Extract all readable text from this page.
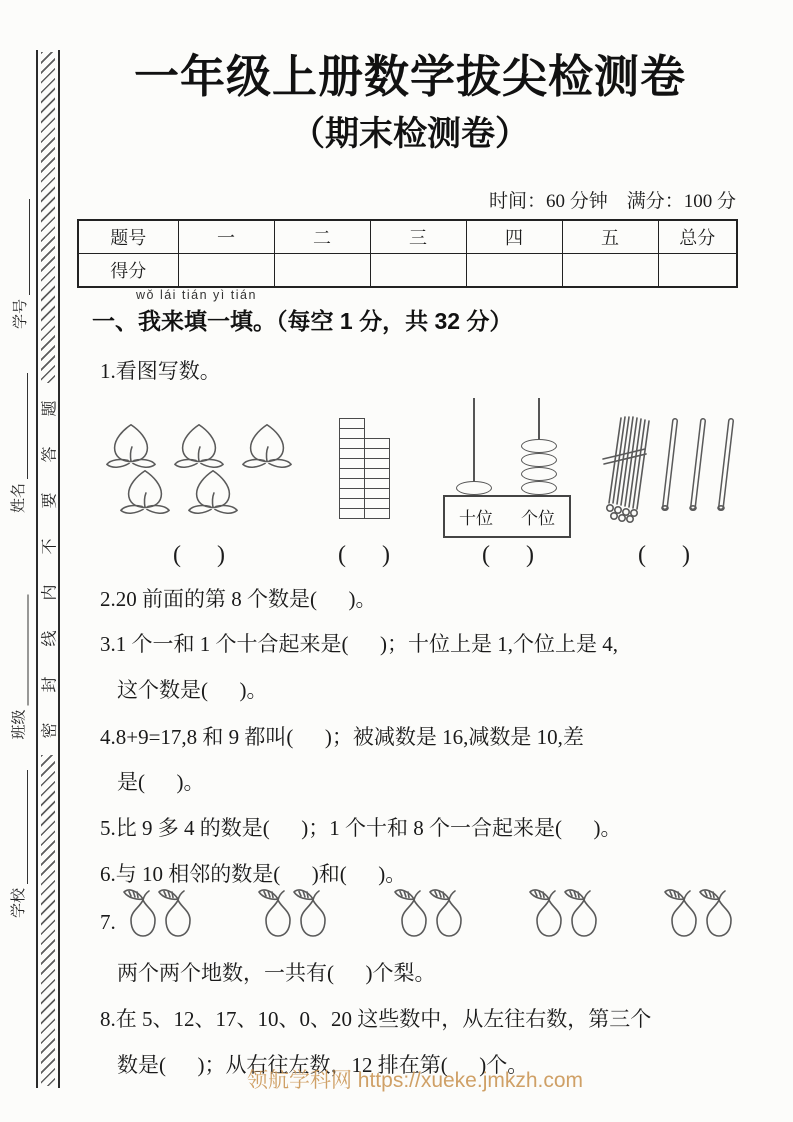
学号
姓名
班级
学校
题
答
要
不
内
线
封
密
一年级上册数学拔尖检测卷
（期末检测卷）
时间：60 分钟    满分：100 分
题号	一	二	三	四	五	总分
得分						
wǒ lái tián yì tián
一、我来填一填。（每空 1 分，共 32 分）
1.看图写数。
(      )	(      )
十位 个位
(      )	(      )
2.20 前面的第 8 个数是(      )。
3.1 个一和 1 个十合起来是(      )；十位上是 1,个位上是 4,
这个数是(      )。
4.8+9=17,8 和 9 都叫(      )；被减数是 16,减数是 10,差
是(      )。
5.比 9 多 4 的数是(      )；1 个十和 8 个一合起来是(      )。
6.与 10 相邻的数是(      )和(      )。
7.
两个两个地数，一共有(      )个梨。
8.在 5、12、17、10、0、20 这些数中，从左往右数，第三个
数是(      )；从右往左数，12 排在第(      )个。
领航学科网 https://xueke.jmkzh.com
